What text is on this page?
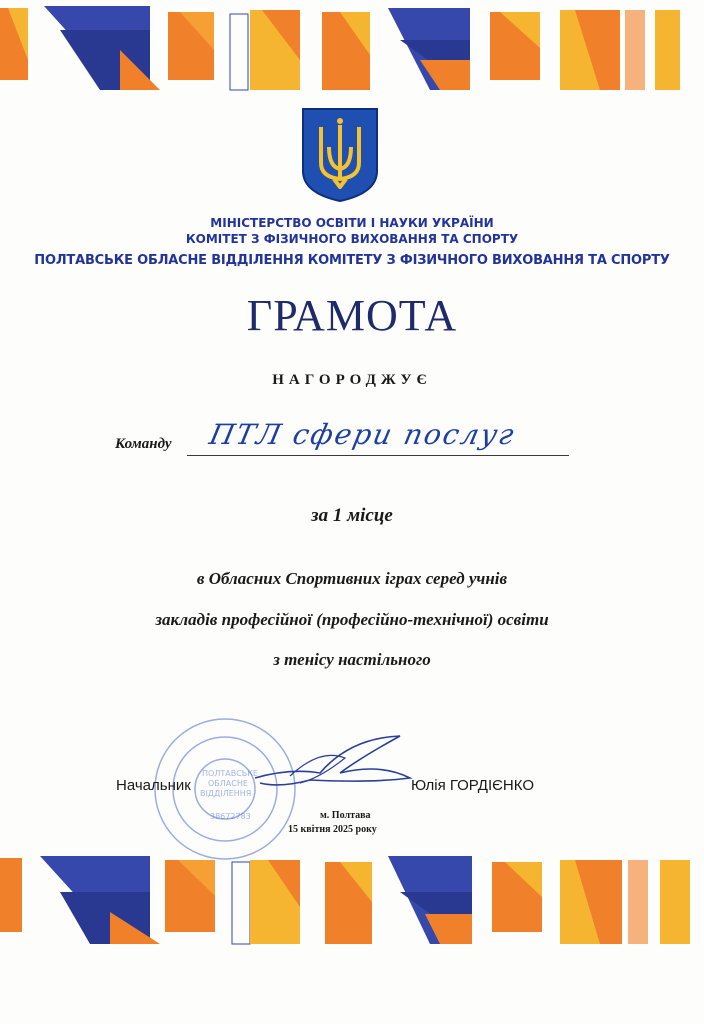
МІНІСТЕРСТВО ОСВІТИ І НАУКИ УКРАЇНИ
КОМІТЕТ З ФІЗИЧНОГО ВИХОВАННЯ ТА СПОРТУ
ПОЛТАВСЬКЕ ОБЛАСНЕ ВІДДІЛЕННЯ КОМІТЕТУ З ФІЗИЧНОГО ВИХОВАННЯ ТА СПОРТУ
ГРАМОТА
НАГОРОДЖУЄ
Команду ПТЛ сфери послуг
за 1 місце
в Обласних Спортивних іграх серед учнів
закладів професійної (професійно-технічної) освіти
з тенісу настільного
ПОЛТАВСЬКЕ
ОБЛАСНЕ
ВІДДІЛЕННЯ
38672783
Начальник	Юлія ГОРДІЄНКО
м. Полтава
15 квітня 2025 року
